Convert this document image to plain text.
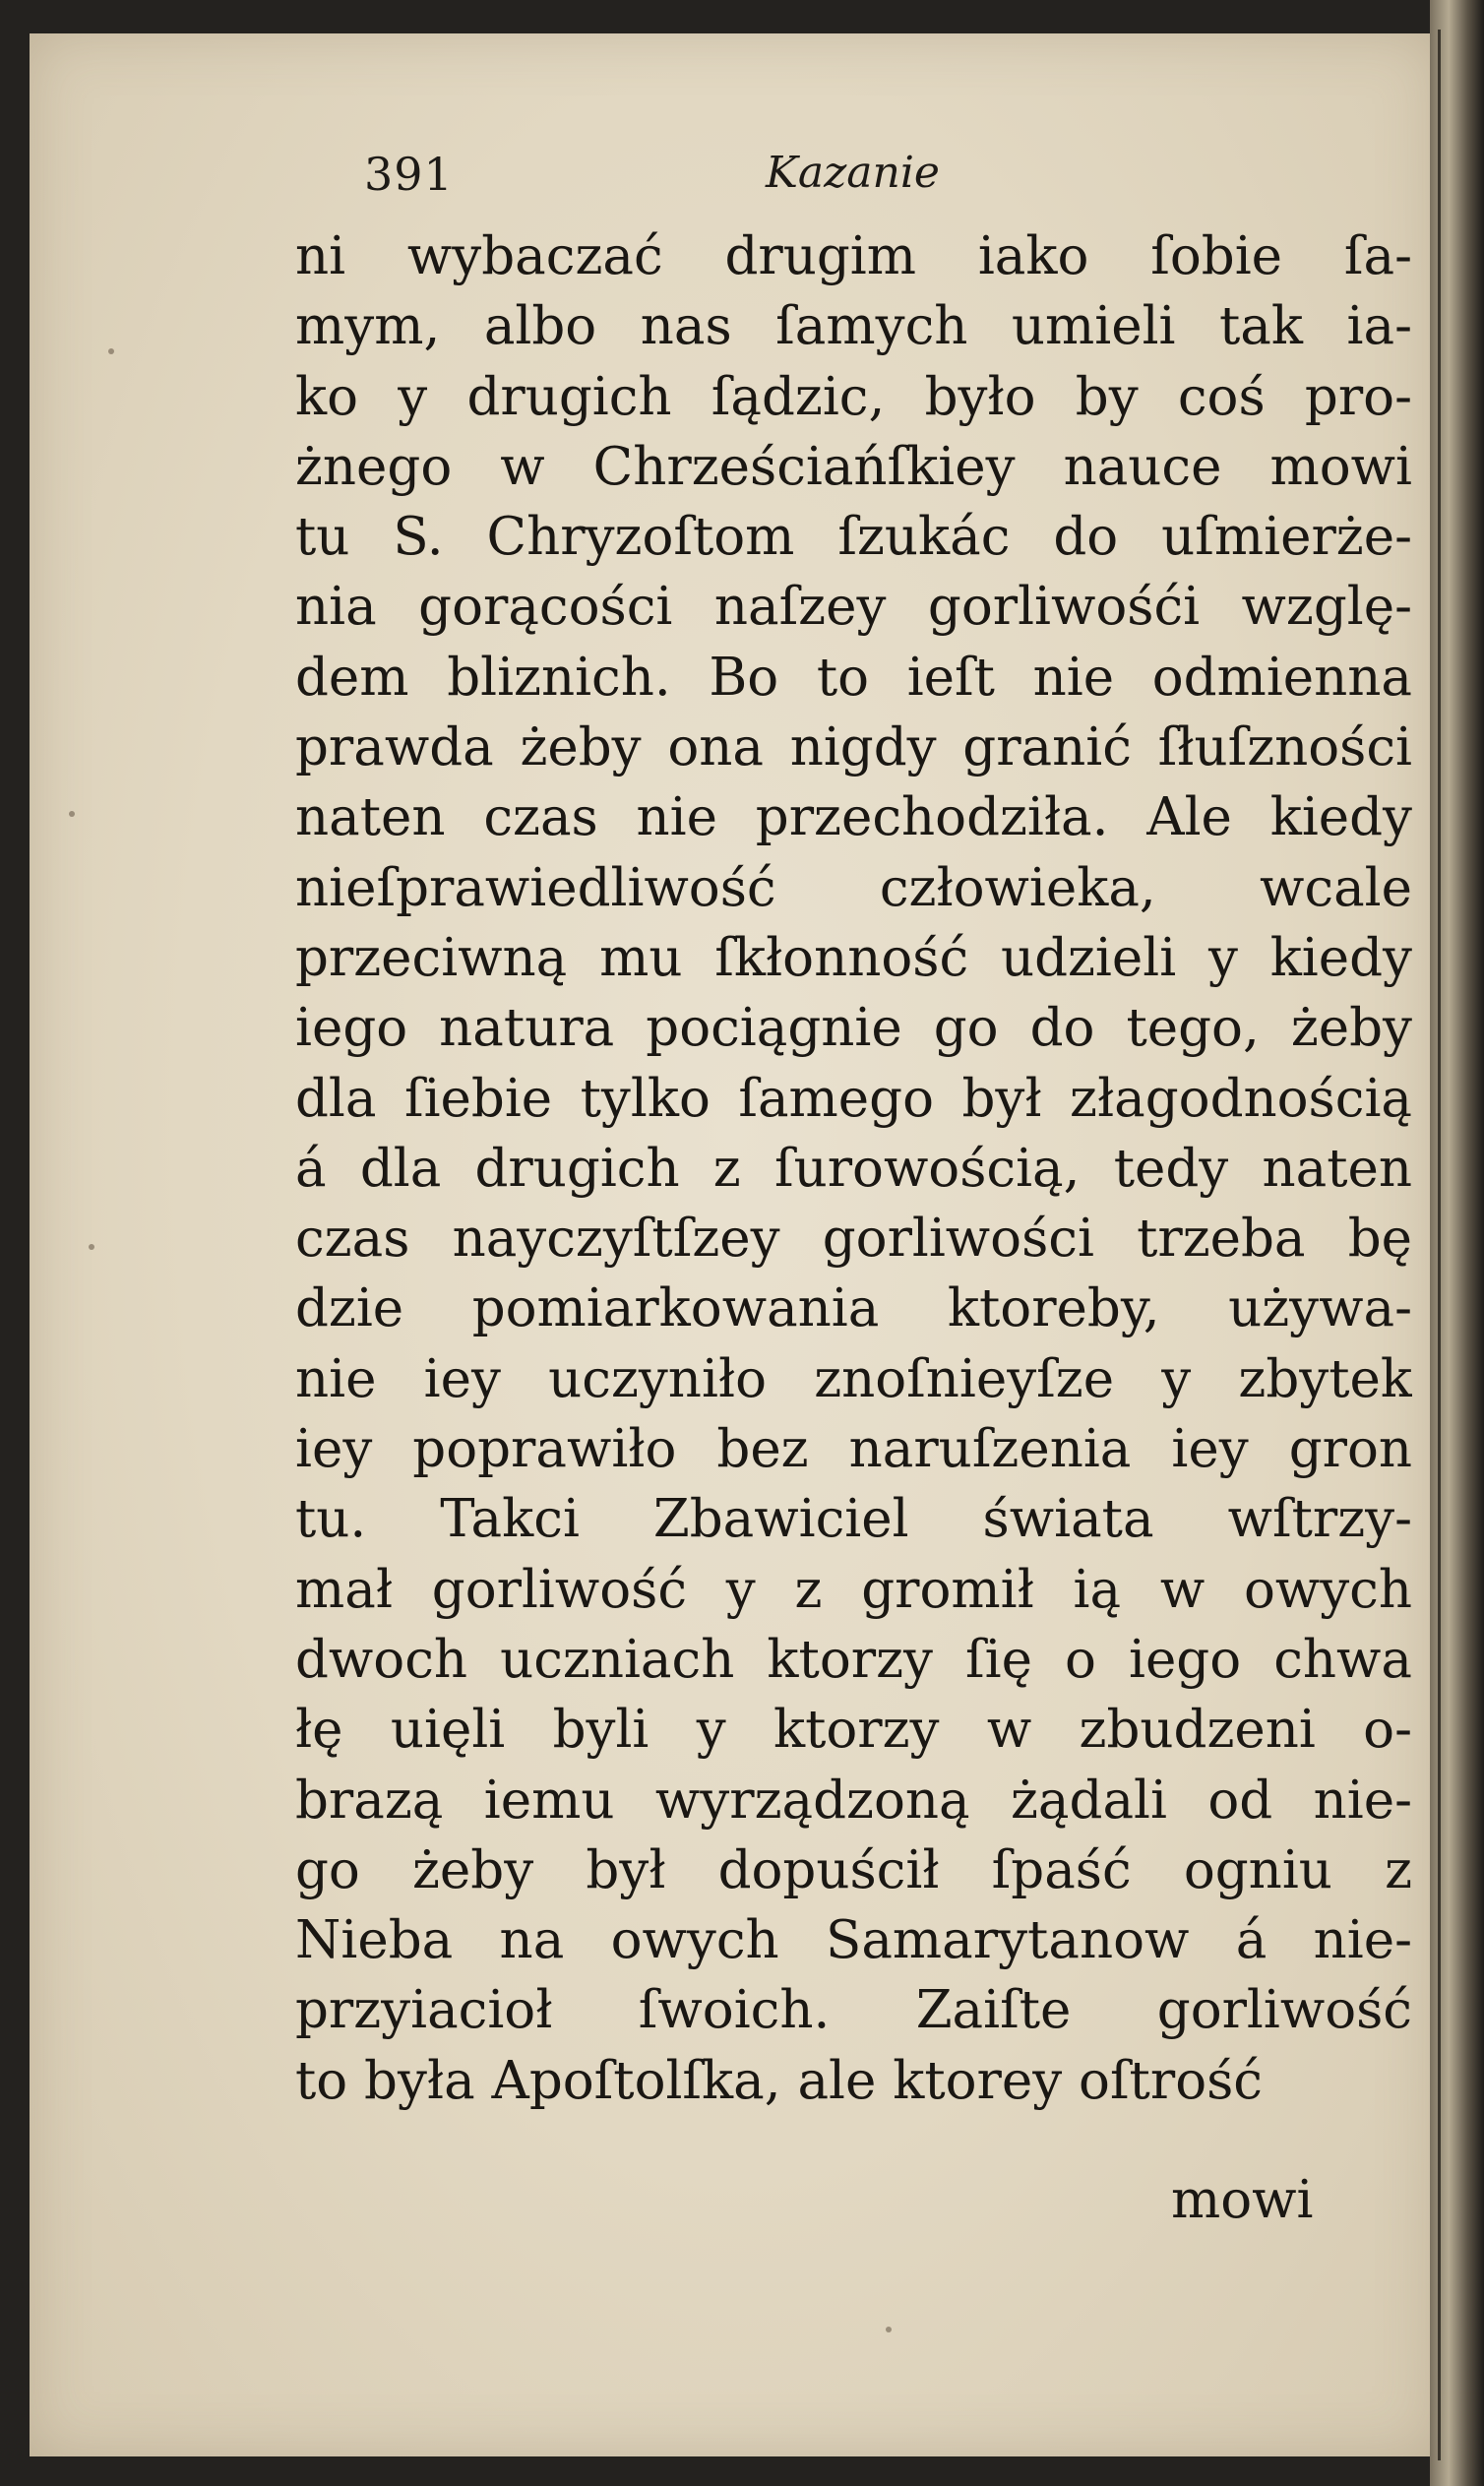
391	Kazanie
ni wybaczać drugim iako ſobie ſa-
mym, albo nas ſamych umieli tak ia-
ko y drugich ſądzic, było by coś pro-
żnego w Chrześciańſkiey nauce mowi
tu S. Chryzoſtom ſzukác do uſmierże-
nia gorącości naſzey gorliwośći wzglę-
dem bliznich. Bo to ieſt nie odmienna
prawda żeby ona nigdy granić ſłuſzności
naten czas nie przechodziła. Ale kiedy
nieſprawiedliwość człowieka, wcale
przeciwną mu ſkłonność udzieli y kiedy
iego natura pociągnie go do tego, żeby
dla ſiebie tylko ſamego był złagodnością
á dla drugich z ſurowością, tedy naten
czas nayczyſtſzey gorliwości trzeba bę
dzie pomiarkowania ktoreby, używa-
nie iey uczyniło znoſnieyſze y zbytek
iey poprawiło bez naruſzenia iey gron
tu. Takci Zbawiciel świata wſtrzy-
mał gorliwość y z gromił ią w owych
dwoch uczniach ktorzy ſię o iego chwa
łę uięli byli y ktorzy w zbudzeni o-
brazą iemu wyrządzoną żądali od nie-
go żeby był dopuścił ſpaść ogniu z
Nieba na owych Samarytanow á nie-
przyiacioł ſwoich. Zaiſte gorliwość
to była Apoſtolſka, ale ktorey oſtrość
mowi
